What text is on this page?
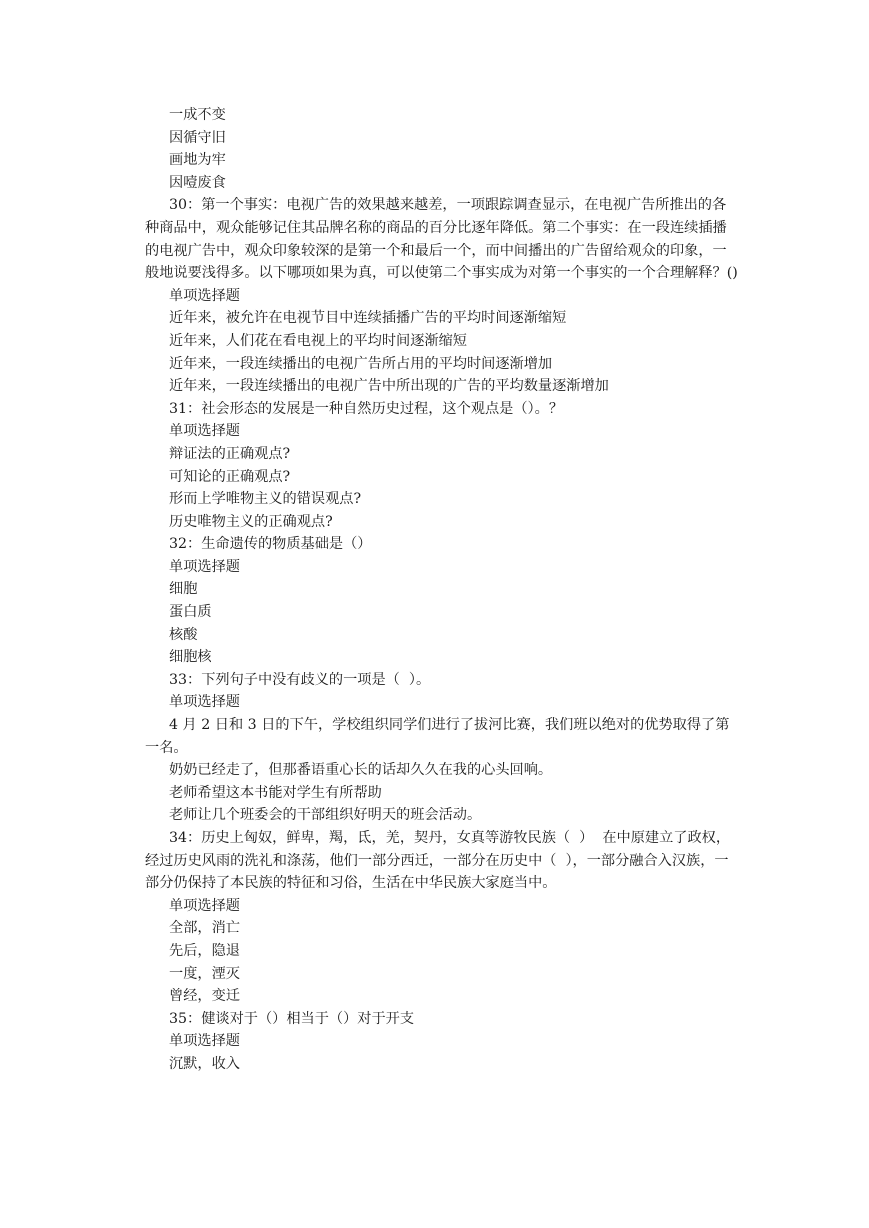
一成不变
因循守旧
画地为牢
因噎废食
30：第一个事实：电视广告的效果越来越差，一项跟踪调查显示，在电视广告所推出的各种商品中，观众能够记住其品牌名称的商品的百分比逐年降低。第二个事实：在一段连续插播的电视广告中，观众印象较深的是第一个和最后一个，而中间播出的广告留给观众的印象，一般地说要浅得多。以下哪项如果为真，可以使第二个事实成为对第一个事实的一个合理解释？()
单项选择题
近年来，被允许在电视节目中连续插播广告的平均时间逐渐缩短
近年来，人们花在看电视上的平均时间逐渐缩短
近年来，一段连续播出的电视广告所占用的平均时间逐渐增加
近年来，一段连续播出的电视广告中所出现的广告的平均数量逐渐增加
31：社会形态的发展是一种自然历史过程，这个观点是（）。？
单项选择题
辩证法的正确观点?
可知论的正确观点?
形而上学唯物主义的错误观点?
历史唯物主义的正确观点?
32：生命遗传的物质基础是（）
单项选择题
细胞
蛋白质
核酸
细胞核
33：下列句子中没有歧义的一项是（  ）。
单项选择题
4 月 2 日和 3 日的下午，学校组织同学们进行了拔河比赛，我们班以绝对的优势取得了第一名。
奶奶已经走了，但那番语重心长的话却久久在我的心头回响。
老师希望这本书能对学生有所帮助
老师让几个班委会的干部组织好明天的班会活动。
34：历史上匈奴，鲜卑，羯，氐，羌，契丹，女真等游牧民族（  ）  在中原建立了政权，经过历史风雨的洗礼和涤荡，他们一部分西迁，一部分在历史中（  ），一部分融合入汉族，一部分仍保持了本民族的特征和习俗，生活在中华民族大家庭当中。
单项选择题
全部，消亡
先后，隐退
一度，湮灭
曾经，变迁
35：健谈对于（）相当于（）对于开支
单项选择题
沉默，收入
